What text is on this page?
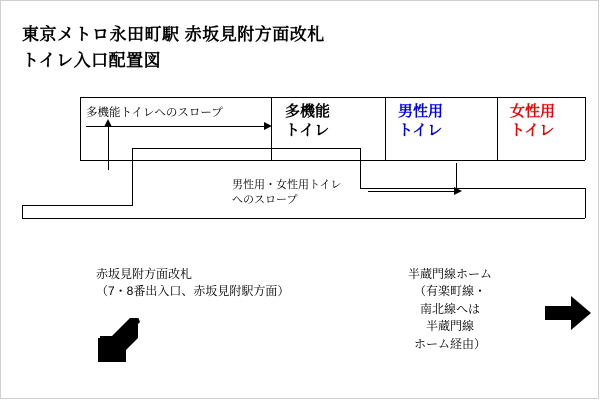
東京メトロ永田町駅 赤坂見附方面改札
トイレ入口配置図
多機能トイレへのスロープ	多機能
トイレ
男性用
トイレ
女性用
トイレ
男性用・女性用トイレ
へのスロープ
赤坂見附方面改札
（7・8番出入口、赤坂見附駅方面）
半蔵門線ホーム
（有楽町線・
南北線へは
半蔵門線
ホーム経由）
